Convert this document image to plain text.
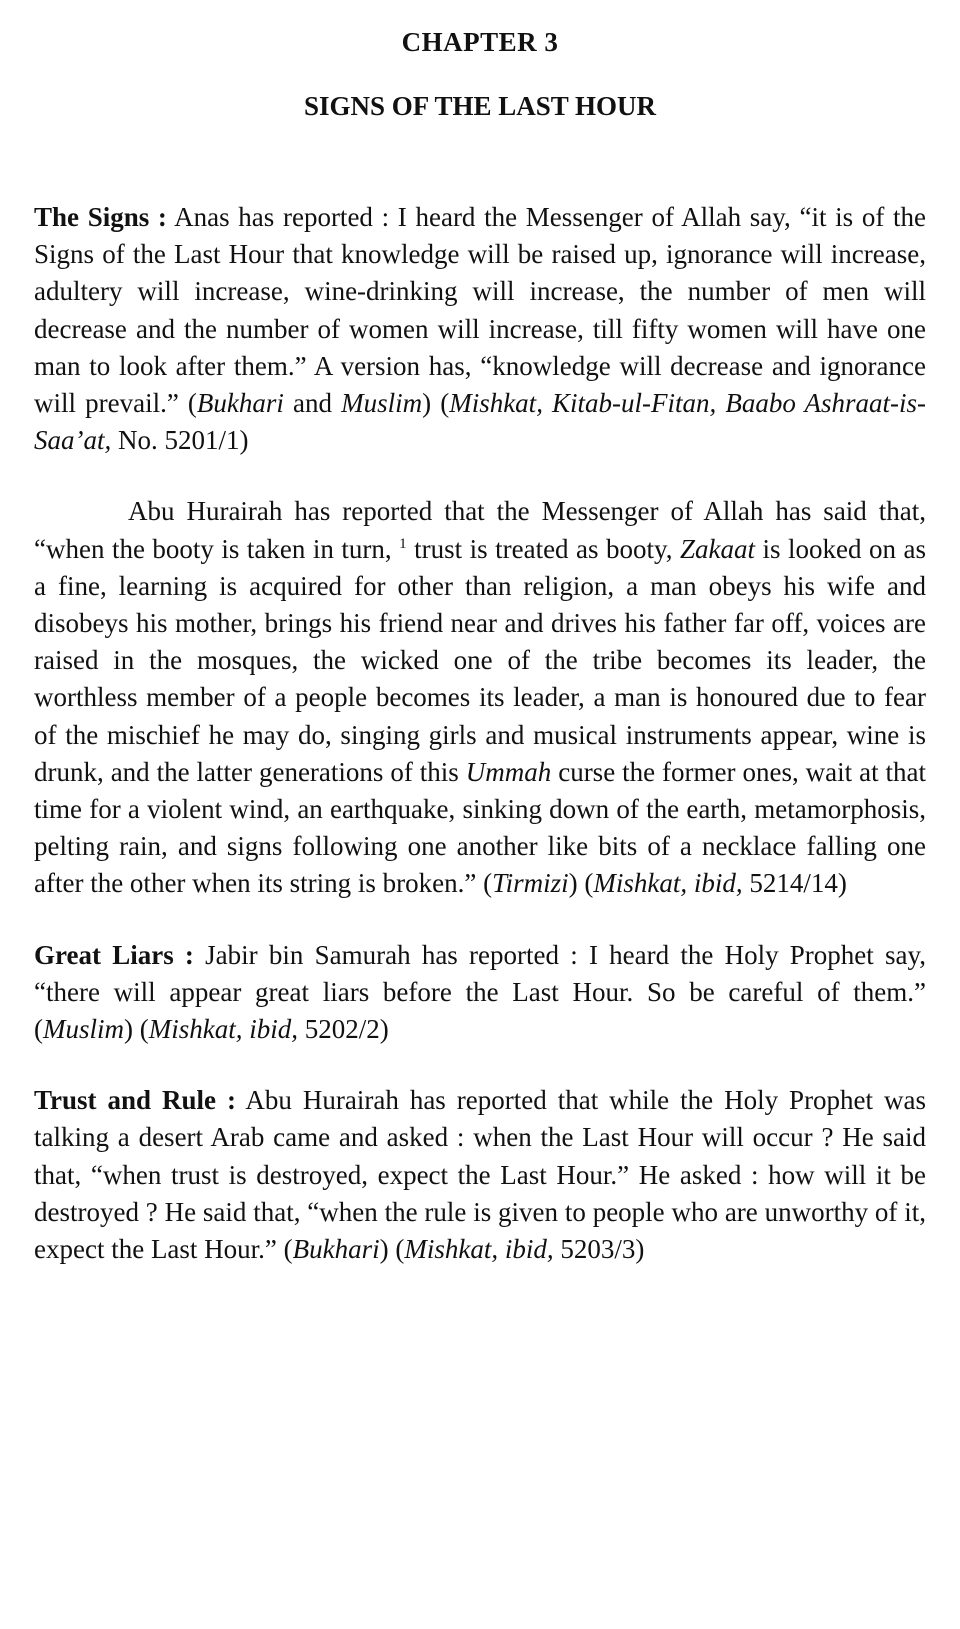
CHAPTER 3
SIGNS OF THE LAST HOUR

The Signs : Anas has reported : I heard the Messenger of Allah say, “it is of the Signs of the Last Hour that knowledge will be raised up, ignorance will increase, adultery will increase, wine-drinking will increase, the number of men will decrease and the number of women will increase, till fifty women will have one man to look after them.” A version has, “knowledge will decrease and ignorance will prevail.” (Bukhari and Muslim) (Mishkat, Kitab-ul-Fitan, Baabo Ashraat-is-Saa’at, No. 5201/1)

Abu Hurairah has reported that the Messenger of Allah has said that, “when the booty is taken in turn, $^1$ trust is treated as booty, Zakaat is looked on as a fine, learning is acquired for other than religion, a man obeys his wife and disobeys his mother, brings his friend near and drives his father far off, voices are raised in the mosques, the wicked one of the tribe becomes its leader, the worthless member of a people becomes its leader, a man is honoured due to fear of the mischief he may do, singing girls and musical instruments appear, wine is drunk, and the latter generations of this Ummah curse the former ones, wait at that time for a violent wind, an earthquake, sinking down of the earth, metamorphosis, pelting rain, and signs following one another like bits of a necklace falling one after the other when its string is broken.” (Tirmizi) (Mishkat, ibid, 5214/14)

Great Liars : Jabir bin Samurah has reported : I heard the Holy Prophet say, “there will appear great liars before the Last Hour. So be careful of them.” (Muslim) (Mishkat, ibid, 5202/2)

Trust and Rule : Abu Hurairah has reported that while the Holy Prophet was talking a desert Arab came and asked : when the Last Hour will occur ? He said that, “when trust is destroyed, expect the Last Hour.” He asked : how will it be destroyed ? He said that, “when the rule is given to people who are unworthy of it, expect the Last Hour.” (Bukhari) (Mishkat, ibid, 5203/3)
